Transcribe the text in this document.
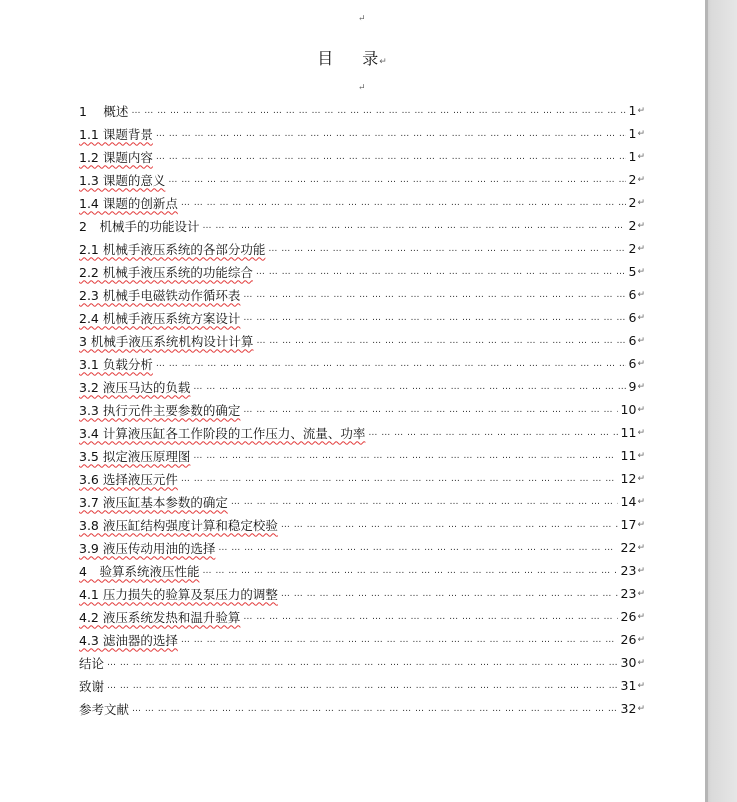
↵
目 录↵
↵
1　 概述 … … … … … … … … … … … … … … … … … … … … … … … … … … … … … … … … … … … … … … … … … … … … … … … … … … … … … … … … … … … … … …	1 ↵
1.1 课题背景 … … … … … … … … … … … … … … … … … … … … … … … … … … … … … … … … … … … … … … … … … … … … … … … … … … … … … … … … … … … … … …	1 ↵
1.2 课题内容 … … … … … … … … … … … … … … … … … … … … … … … … … … … … … … … … … … … … … … … … … … … … … … … … … … … … … … … … … … … … … …	1 ↵
1.3 课题的意义 … … … … … … … … … … … … … … … … … … … … … … … … … … … … … … … … … … … … … … … … … … … … … … … … … … … … … … … … … … … … … …	2 ↵
1.4 课题的创新点 … … … … … … … … … … … … … … … … … … … … … … … … … … … … … … … … … … … … … … … … … … … … … … … … … … … … … … … … … … … … … …	2 ↵
2　机械手的功能设计 … … … … … … … … … … … … … … … … … … … … … … … … … … … … … … … … … … … … … … … … … … … … … … … … … … … … … … … … … … … … … …	2 ↵
2.1 机械手液压系统的各部分功能 … … … … … … … … … … … … … … … … … … … … … … … … … … … … … … … … … … … … … … … … … … … … … … … … … … … … … … … … … … … … … …	2 ↵
2.2 机械手液压系统的功能综合 … … … … … … … … … … … … … … … … … … … … … … … … … … … … … … … … … … … … … … … … … … … … … … … … … … … … … … … … … … … … … …	5 ↵
2.3 机械手电磁铁动作循环表 … … … … … … … … … … … … … … … … … … … … … … … … … … … … … … … … … … … … … … … … … … … … … … … … … … … … … … … … … … … … … …	6 ↵
2.4 机械手液压系统方案设计 … … … … … … … … … … … … … … … … … … … … … … … … … … … … … … … … … … … … … … … … … … … … … … … … … … … … … … … … … … … … … …	6 ↵
3 机械手液压系统机构设计计算 … … … … … … … … … … … … … … … … … … … … … … … … … … … … … … … … … … … … … … … … … … … … … … … … … … … … … … … … … … … … … …	6 ↵
3.1 负载分析 … … … … … … … … … … … … … … … … … … … … … … … … … … … … … … … … … … … … … … … … … … … … … … … … … … … … … … … … … … … … … …	6 ↵
3.2 液压马达的负载 … … … … … … … … … … … … … … … … … … … … … … … … … … … … … … … … … … … … … … … … … … … … … … … … … … … … … … … … … … … … … …	9 ↵
3.3 执行元件主要参数的确定 … … … … … … … … … … … … … … … … … … … … … … … … … … … … … … … … … … … … … … … … … … … … … … … … … … … … … … … … … … … … … …	10 ↵
3.4 计算液压缸各工作阶段的工作压力、流量、功率 … … … … … … … … … … … … … … … … … … … … … … … … … … … … … … … … … … … … … … … … … … … … … … … … … … … … … … … … … … … … … …	11 ↵
3.5 拟定液压原理图 … … … … … … … … … … … … … … … … … … … … … … … … … … … … … … … … … … … … … … … … … … … … … … … … … … … … … … … … … … … … … …	11 ↵
3.6 选择液压元件 … … … … … … … … … … … … … … … … … … … … … … … … … … … … … … … … … … … … … … … … … … … … … … … … … … … … … … … … … … … … … …	12 ↵
3.7 液压缸基本参数的确定 … … … … … … … … … … … … … … … … … … … … … … … … … … … … … … … … … … … … … … … … … … … … … … … … … … … … … … … … … … … … … …	14 ↵
3.8 液压缸结构强度计算和稳定校验 … … … … … … … … … … … … … … … … … … … … … … … … … … … … … … … … … … … … … … … … … … … … … … … … … … … … … … … … … … … … … …	17 ↵
3.9 液压传动用油的选择 … … … … … … … … … … … … … … … … … … … … … … … … … … … … … … … … … … … … … … … … … … … … … … … … … … … … … … … … … … … … … …	22 ↵
4　验算系统液压性能 … … … … … … … … … … … … … … … … … … … … … … … … … … … … … … … … … … … … … … … … … … … … … … … … … … … … … … … … … … … … … …	23 ↵
4.1 压力损失的验算及泵压力的调整 … … … … … … … … … … … … … … … … … … … … … … … … … … … … … … … … … … … … … … … … … … … … … … … … … … … … … … … … … … … … … …	23 ↵
4.2 液压系统发热和温升验算 … … … … … … … … … … … … … … … … … … … … … … … … … … … … … … … … … … … … … … … … … … … … … … … … … … … … … … … … … … … … … …	26 ↵
4.3 滤油器的选择 … … … … … … … … … … … … … … … … … … … … … … … … … … … … … … … … … … … … … … … … … … … … … … … … … … … … … … … … … … … … … …	26 ↵
结论 … … … … … … … … … … … … … … … … … … … … … … … … … … … … … … … … … … … … … … … … … … … … … … … … … … … … … … … … … … … … … …	30 ↵
致谢 … … … … … … … … … … … … … … … … … … … … … … … … … … … … … … … … … … … … … … … … … … … … … … … … … … … … … … … … … … … … … …	31 ↵
参考文献 … … … … … … … … … … … … … … … … … … … … … … … … … … … … … … … … … … … … … … … … … … … … … … … … … … … … … … … … … … … … … …	32 ↵
